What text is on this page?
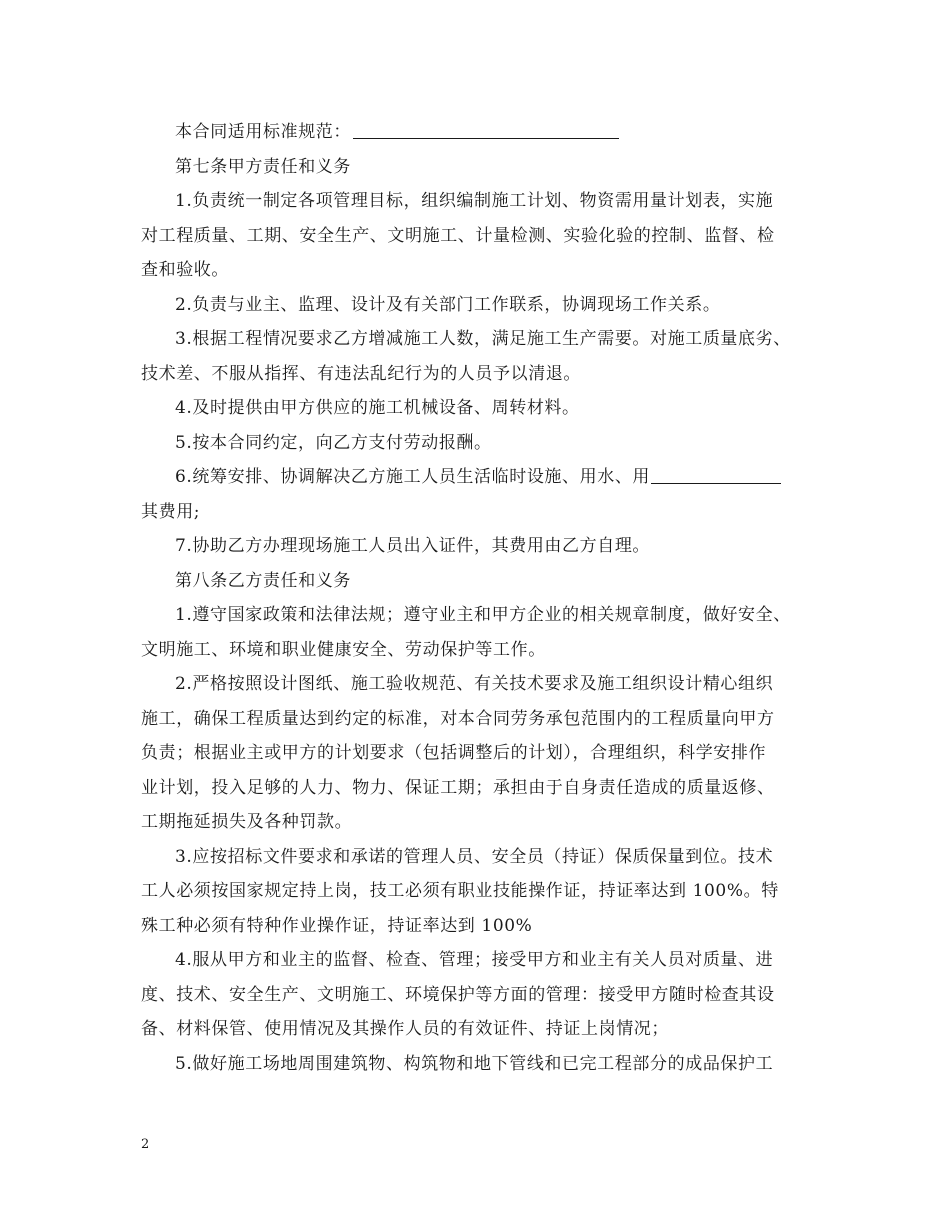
本合同适用标准规范：
第七条甲方责任和义务
1.负责统一制定各项管理目标，组织编制施工计划、物资需用量计划表，实施
对工程质量、工期、安全生产、文明施工、计量检测、实验化验的控制、监督、检
查和验收。
2.负责与业主、监理、设计及有关部门工作联系，协调现场工作关系。
3.根据工程情况要求乙方增减施工人数，满足施工生产需要。对施工质量底劣、
技术差、不服从指挥、有违法乱纪行为的人员予以清退。
4.及时提供由甲方供应的施工机械设备、周转材料。
5.按本合同约定，向乙方支付劳动报酬。
6.统筹安排、协调解决乙方施工人员生活临时设施、用水、用
其费用;
7.协助乙方办理现场施工人员出入证件，其费用由乙方自理。
第八条乙方责任和义务
1.遵守国家政策和法律法规；遵守业主和甲方企业的相关规章制度，做好安全、
文明施工、环境和职业健康安全、劳动保护等工作。
2.严格按照设计图纸、施工验收规范、有关技术要求及施工组织设计精心组织
施工，确保工程质量达到约定的标准，对本合同劳务承包范围内的工程质量向甲方
负责；根据业主或甲方的计划要求（包括调整后的计划），合理组织，科学安排作
业计划，投入足够的人力、物力、保证工期；承担由于自身责任造成的质量返修、
工期拖延损失及各种罚款。
3.应按招标文件要求和承诺的管理人员、安全员（持证）保质保量到位。技术
工人必须按国家规定持上岗，技工必须有职业技能操作证，持证率达到 100%。特
殊工种必须有特种作业操作证，持证率达到 100%
4.服从甲方和业主的监督、检查、管理；接受甲方和业主有关人员对质量、进
度、技术、安全生产、文明施工、环境保护等方面的管理：接受甲方随时检查其设
备、材料保管、使用情况及其操作人员的有效证件、持证上岗情况；
5.做好施工场地周围建筑物、构筑物和地下管线和已完工程部分的成品保护工
2
